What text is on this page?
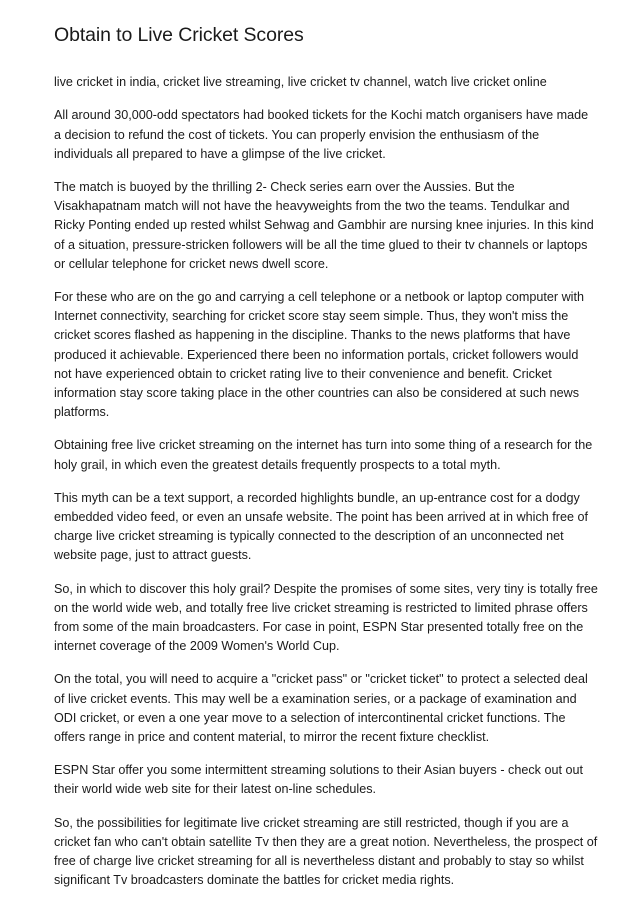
Obtain to Live Cricket Scores

live cricket in india, cricket live streaming, live cricket tv channel, watch live cricket online

All around 30,000-odd spectators had booked tickets for the Kochi match organisers have made a decision to refund the cost of tickets. You can properly envision the enthusiasm of the individuals all prepared to have a glimpse of the live cricket.

The match is buoyed by the thrilling 2- Check series earn over the Aussies. But the Visakhapatnam match will not have the heavyweights from the two the teams. Tendulkar and Ricky Ponting ended up rested whilst Sehwag and Gambhir are nursing knee injuries. In this kind of a situation, pressure-stricken followers will be all the time glued to their tv channels or laptops or cellular telephone for cricket news dwell score.

For these who are on the go and carrying a cell telephone or a netbook or laptop computer with Internet connectivity, searching for cricket score stay seem simple. Thus, they won't miss the cricket scores flashed as happening in the discipline. Thanks to the news platforms that have produced it achievable. Experienced there been no information portals, cricket followers would not have experienced obtain to cricket rating live to their convenience and benefit. Cricket information stay score taking place in the other countries can also be considered at such news platforms.

Obtaining free live cricket streaming on the internet has turn into some thing of a research for the holy grail, in which even the greatest details frequently prospects to a total myth.

This myth can be a text support, a recorded highlights bundle, an up-entrance cost for a dodgy embedded video feed, or even an unsafe website. The point has been arrived at in which free of charge live cricket streaming is typically connected to the description of an unconnected net website page, just to attract guests.

So, in which to discover this holy grail? Despite the promises of some sites, very tiny is totally free on the world wide web, and totally free live cricket streaming is restricted to limited phrase offers from some of the main broadcasters. For case in point, ESPN Star presented totally free on the internet coverage of the 2009 Women's World Cup.

On the total, you will need to acquire a "cricket pass" or "cricket ticket" to protect a selected deal of live cricket events. This may well be a examination series, or a package of examination and ODI cricket, or even a one year move to a selection of intercontinental cricket functions. The offers range in price and content material, to mirror the recent fixture checklist.

ESPN Star offer you some intermittent streaming solutions to their Asian buyers - check out out their world wide web site for their latest on-line schedules.

So, the possibilities for legitimate live cricket streaming are still restricted, though if you are a cricket fan who can't obtain satellite Tv then they are a great notion. Nevertheless, the prospect of free of charge live cricket streaming for all is nevertheless distant and probably to stay so whilst significant Tv broadcasters dominate the battles for cricket media rights.
